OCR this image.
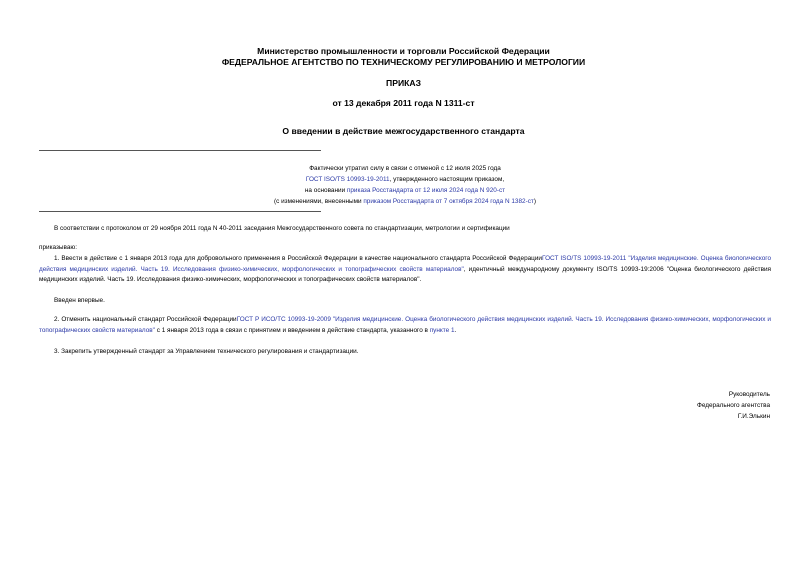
Министерство промышленности и торговли Российской Федерации
ФЕДЕРАЛЬНОЕ АГЕНТСТВО ПО ТЕХНИЧЕСКОМУ РЕГУЛИРОВАНИЮ И МЕТРОЛОГИИ
ПРИКАЗ
от 13 декабря 2011 года N 1311-ст
О введении в действие межгосударственного стандарта
Фактически утратил силу в связи с отменой с 12 июля 2025 года
ГОСТ ISO/TS 10993-19-2011, утвержденного настоящим приказом,
на основании приказа Росстандарта от 12 июля 2024 года N 920-ст
(с изменениями, внесенными приказом Росстандарта от 7 октября 2024 года N 1382-ст)
В соответствии с протоколом от 29 ноября 2011 года N 40-2011 заседания Межгосударственного совета по стандартизации, метрологии и сертификации
приказываю:
1. Ввести в действие с 1 января 2013 года для добровольного применения в Российской Федерации в качестве национального стандарта Российской ФедерацииГОСТ ISO/TS 10993-19-2011 "Изделия медицинские. Оценка биологического действия медицинских изделий. Часть 19. Исследования физико-химических, морфологических и топографических свойств материалов", идентичный международному документу ISO/TS 10993-19:2006 "Оценка биологического действия медицинских изделий. Часть 19. Исследования физико-химических, морфологических и топографических свойств материалов".
Введен впервые.
2. Отменить национальный стандарт Российской ФедерацииГОСТ Р ИСО/ТС 10993-19-2009 "Изделия медицинские. Оценка биологического действия медицинских изделий. Часть 19. Исследования физико-химических, морфологических и топографических свойств материалов" с 1 января 2013 года в связи с принятием и введением в действие стандарта, указанного в пункте 1.
3. Закрепить утвержденный стандарт за Управлением технического регулирования и стандартизации.
Руководитель
Федерального агентства
Г.И.Элькин
